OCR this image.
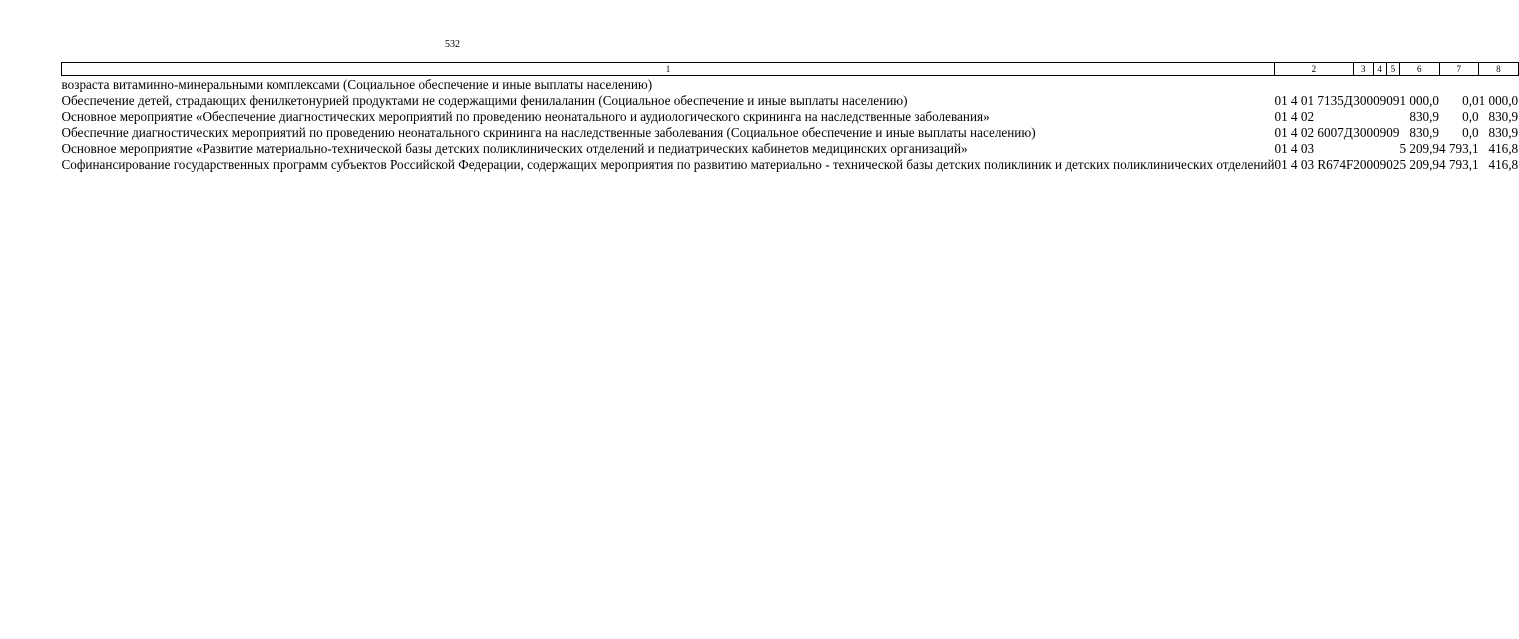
532
1	2	3	4	5	6	7	8

возраста витаминно-минеральными комплексами (Социальное обеспечение и иные выплаты населению)							
Обеспечение детей, страдающих фенилкетонурией продуктами не содержащими фенилаланин (Социальное обеспечение и иные выплаты населению)	01 4 01 7135Д	300	09	09	1 000,0	0,0	1 000,0
Основное мероприятие «Обеспечение диагностических мероприятий по проведению неонатального и аудиологического скрининга на наследственные заболевания»	01 4 02				830,9	0,0	830,9
Обеспечние диагностических мероприятий по проведению неонатального скрининга на наследственные заболевания (Социальное обеспечение и иные выплаты населению)	01 4 02 6007Д	300	09	09	830,9	0,0	830,9
Основное мероприятие «Развитие материально-технической базы детских поликлинических отделений и педиатрических кабинетов медицинских организаций»	01 4 03				5 209,9	4 793,1	416,8
Софинансирование государственных программ субъектов Российской Федерации, содержащих мероприятия по развитию материально - технической базы детских поликлиник и детских поликлинических отделений	01 4 03 R674F	200	09	02	5 209,9	4 793,1	416,8
